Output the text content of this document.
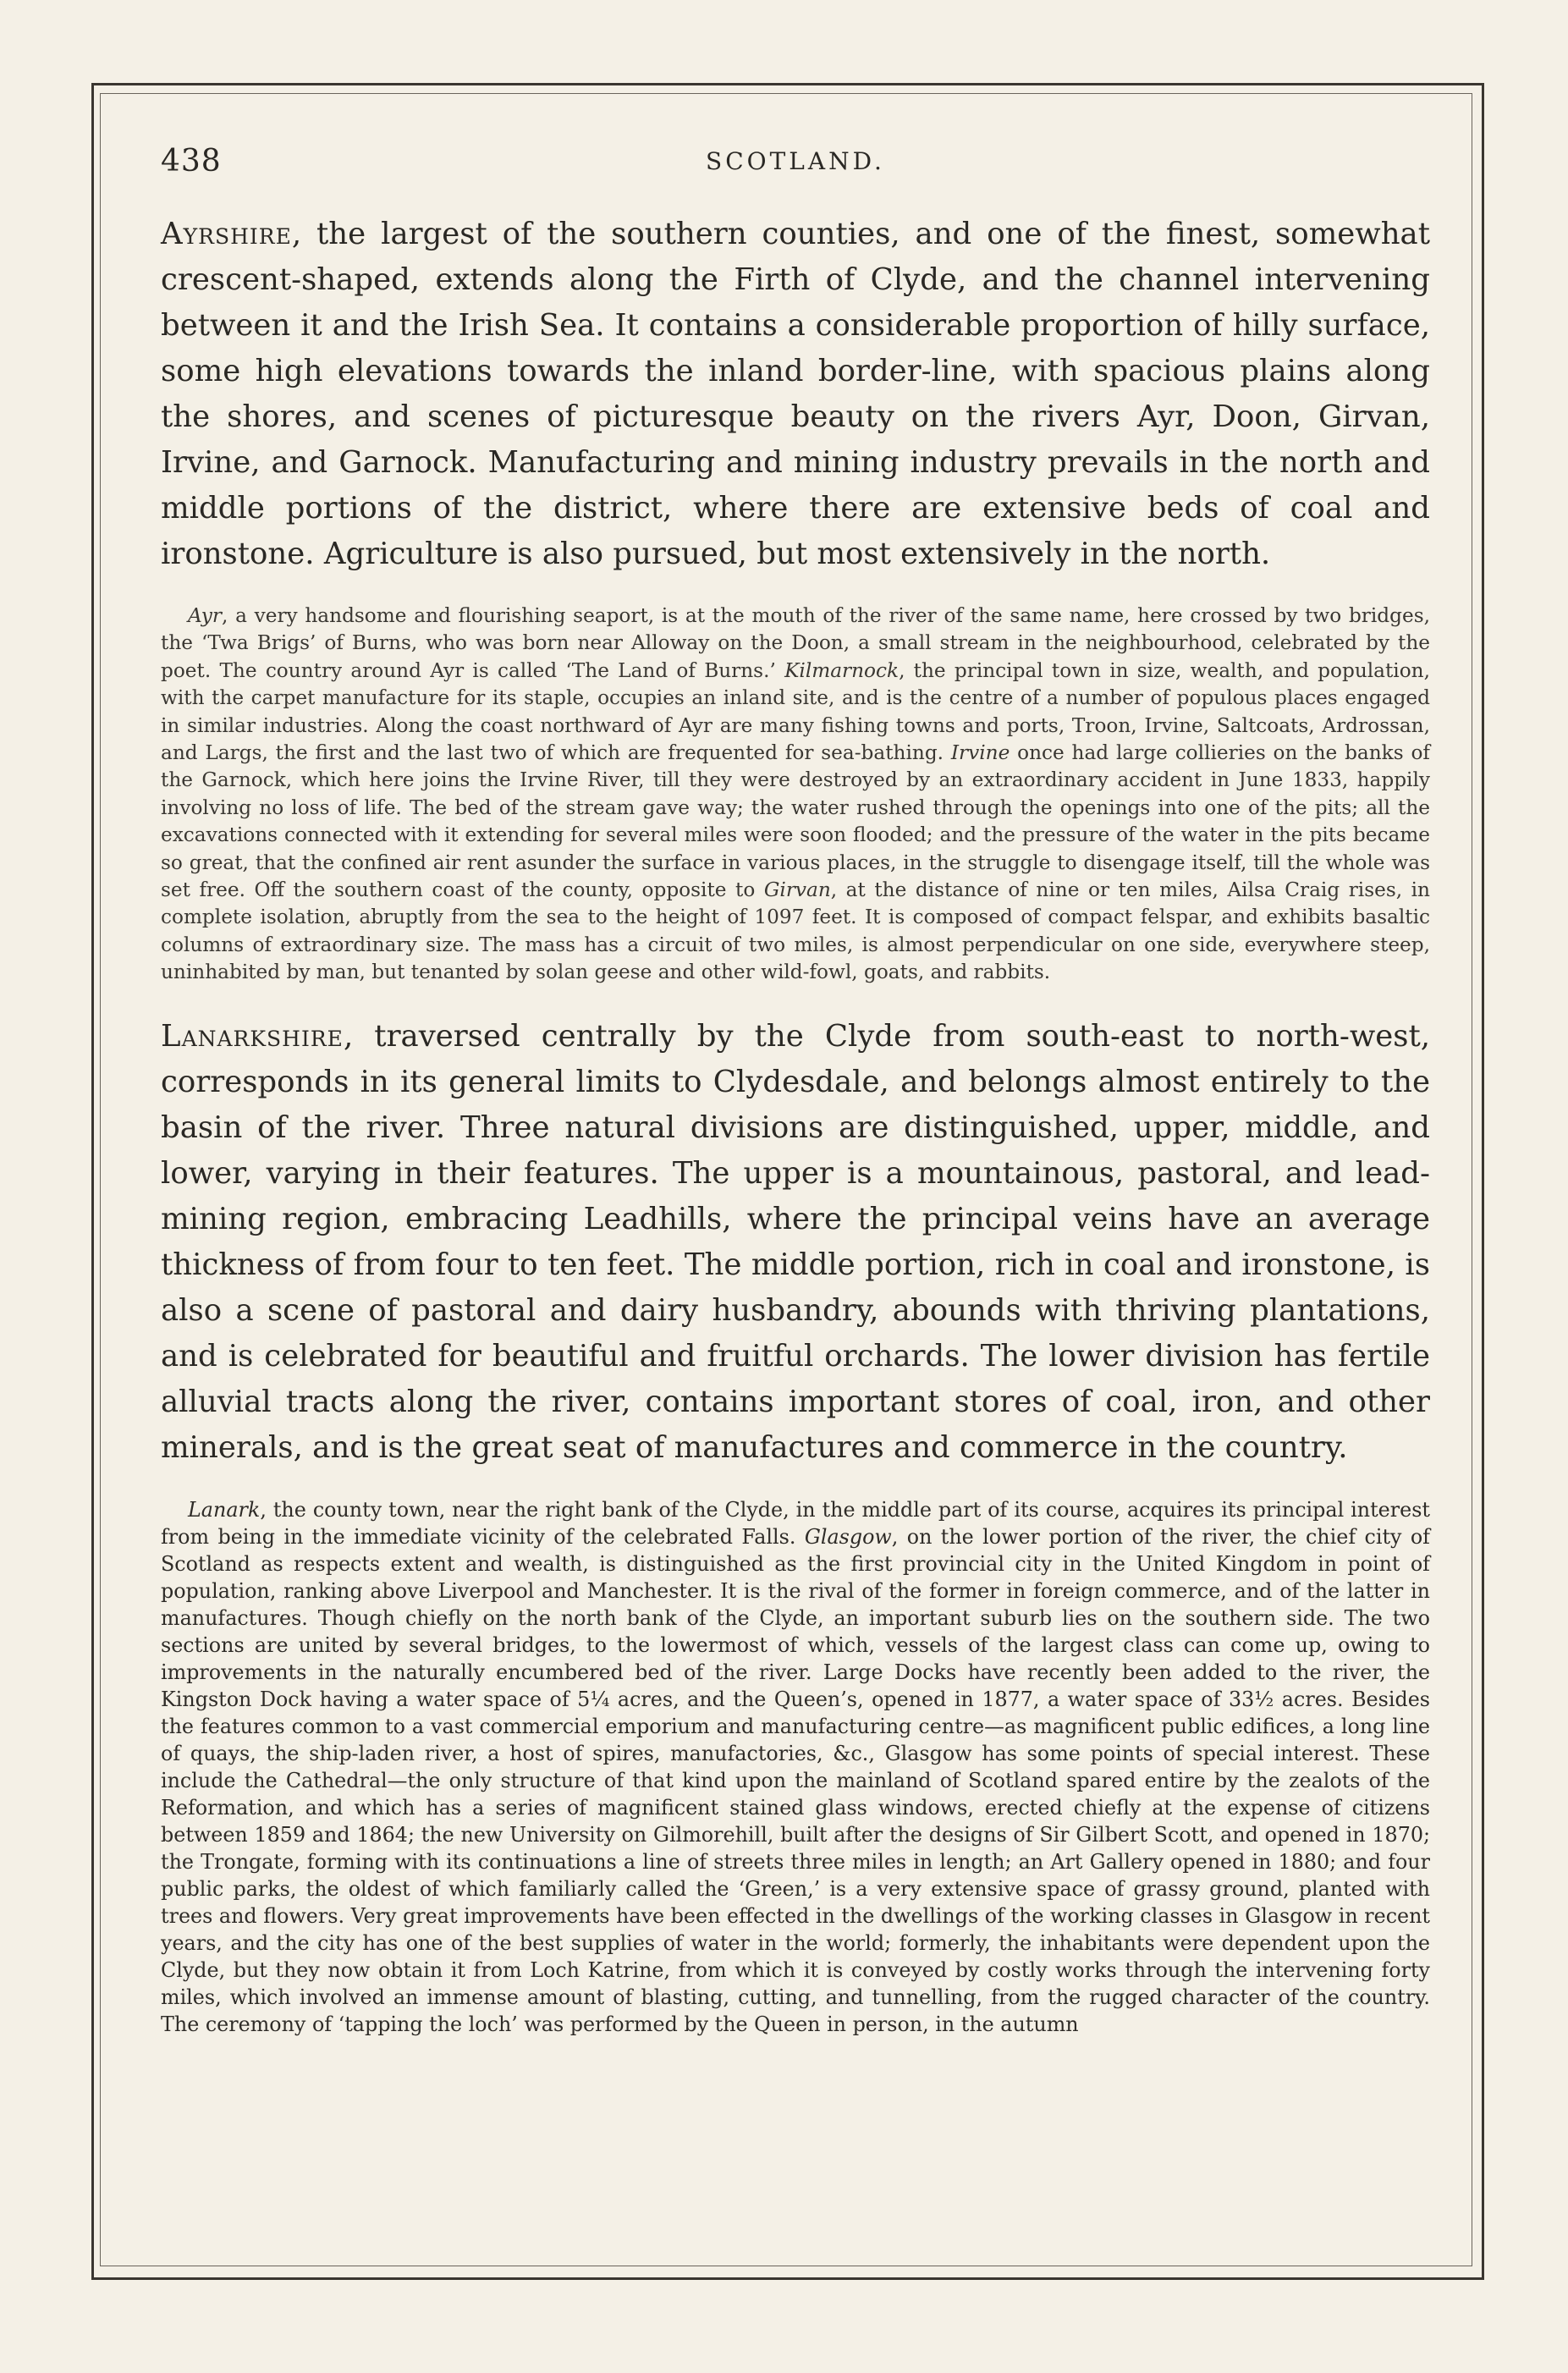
438	SCOTLAND.

Ayrshire, the largest of the southern counties, and one of the finest, somewhat crescent-shaped, extends along the Firth of Clyde, and the channel intervening between it and the Irish Sea. It contains a considerable proportion of hilly surface, some high elevations towards the inland border-line, with spacious plains along the shores, and scenes of picturesque beauty on the rivers Ayr, Doon, Girvan, Irvine, and Garnock. Manufacturing and mining industry prevails in the north and middle portions of the district, where there are extensive beds of coal and ironstone. Agriculture is also pursued, but most extensively in the north.

Ayr, a very handsome and flourishing seaport, is at the mouth of the river of the same name, here crossed by two bridges, the ‘Twa Brigs’ of Burns, who was born near Alloway on the Doon, a small stream in the neighbourhood, celebrated by the poet. The country around Ayr is called ‘The Land of Burns.’ Kilmarnock, the principal town in size, wealth, and population, with the carpet manufacture for its staple, occupies an inland site, and is the centre of a number of populous places engaged in similar industries. Along the coast northward of Ayr are many fishing towns and ports, Troon, Irvine, Saltcoats, Ardrossan, and Largs, the first and the last two of which are frequented for sea-bathing. Irvine once had large collieries on the banks of the Garnock, which here joins the Irvine River, till they were destroyed by an extraordinary accident in June 1833, happily involving no loss of life. The bed of the stream gave way; the water rushed through the openings into one of the pits; all the excavations connected with it extending for several miles were soon flooded; and the pressure of the water in the pits became so great, that the confined air rent asunder the surface in various places, in the struggle to disengage itself, till the whole was set free. Off the southern coast of the county, opposite to Girvan, at the distance of nine or ten miles, Ailsa Craig rises, in complete isolation, abruptly from the sea to the height of 1097 feet. It is composed of compact felspar, and exhibits basaltic columns of extraordinary size. The mass has a circuit of two miles, is almost perpendicular on one side, everywhere steep, uninhabited by man, but tenanted by solan geese and other wild-fowl, goats, and rabbits.

Lanarkshire, traversed centrally by the Clyde from south-east to north-west, corresponds in its general limits to Clydesdale, and belongs almost entirely to the basin of the river. Three natural divisions are distinguished, upper, middle, and lower, varying in their features. The upper is a mountainous, pastoral, and lead-mining region, embracing Leadhills, where the principal veins have an average thickness of from four to ten feet. The middle portion, rich in coal and ironstone, is also a scene of pastoral and dairy husbandry, abounds with thriving plantations, and is celebrated for beautiful and fruitful orchards. The lower division has fertile alluvial tracts along the river, contains important stores of coal, iron, and other minerals, and is the great seat of manufactures and commerce in the country.

Lanark, the county town, near the right bank of the Clyde, in the middle part of its course, acquires its principal interest from being in the immediate vicinity of the celebrated Falls. Glasgow, on the lower portion of the river, the chief city of Scotland as respects extent and wealth, is distinguished as the first provincial city in the United Kingdom in point of population, ranking above Liverpool and Manchester. It is the rival of the former in foreign commerce, and of the latter in manufactures. Though chiefly on the north bank of the Clyde, an important suburb lies on the southern side. The two sections are united by several bridges, to the lowermost of which, vessels of the largest class can come up, owing to improvements in the naturally encumbered bed of the river. Large Docks have recently been added to the river, the Kingston Dock having a water space of 5¼ acres, and the Queen’s, opened in 1877, a water space of 33½ acres. Besides the features common to a vast commercial emporium and manufacturing centre—as magnificent public edifices, a long line of quays, the ship-laden river, a host of spires, manufactories, &c., Glasgow has some points of special interest. These include the Cathedral—the only structure of that kind upon the mainland of Scotland spared entire by the zealots of the Reformation, and which has a series of magnificent stained glass windows, erected chiefly at the expense of citizens between 1859 and 1864; the new University on Gilmorehill, built after the designs of Sir Gilbert Scott, and opened in 1870; the Trongate, forming with its continuations a line of streets three miles in length; an Art Gallery opened in 1880; and four public parks, the oldest of which familiarly called the ‘Green,’ is a very extensive space of grassy ground, planted with trees and flowers. Very great improvements have been effected in the dwellings of the working classes in Glasgow in recent years, and the city has one of the best supplies of water in the world; formerly, the inhabitants were dependent upon the Clyde, but they now obtain it from Loch Katrine, from which it is conveyed by costly works through the intervening forty miles, which involved an immense amount of blasting, cutting, and tunnelling, from the rugged character of the country. The ceremony of ‘tapping the loch’ was performed by the Queen in person, in the autumn
